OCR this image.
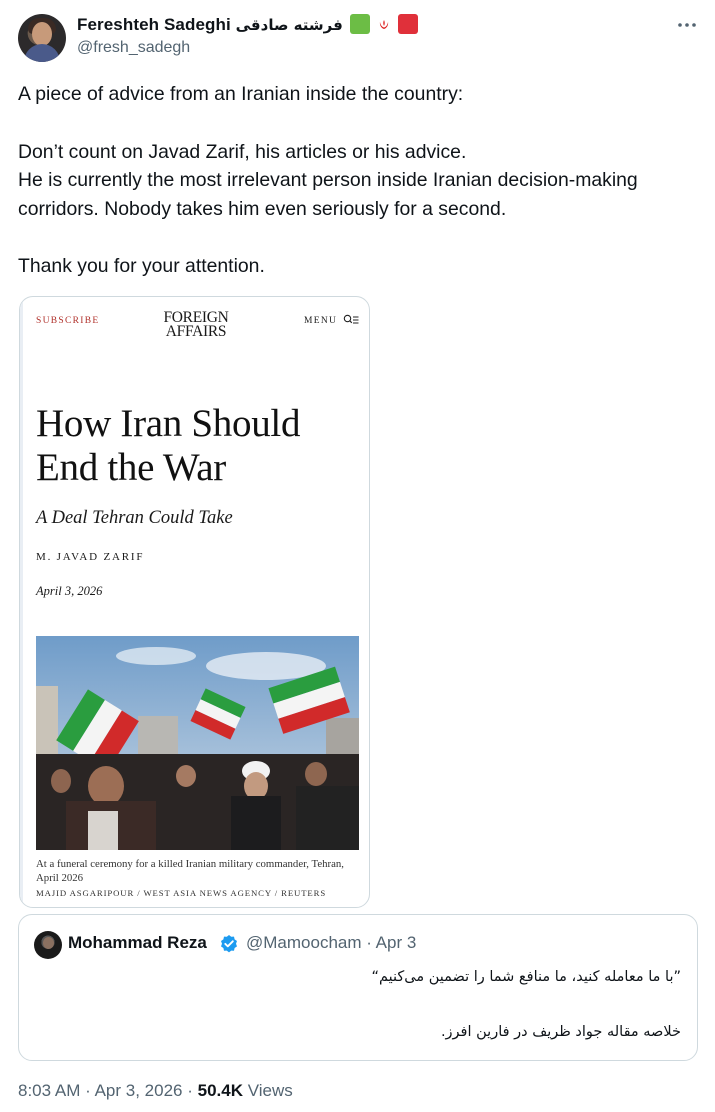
Fereshteh Sadeghi فرشته صادقی
@fresh_sadegh

A piece of advice from an Iranian inside the country:

Don’t count on Javad Zarif, his articles or his advice.

He is currently the most irrelevant person inside Iranian decision-making corridors. Nobody takes him even seriously for a second.

Thank you for your attention.

SUBSCRIBE	FOREIGN
AFFAIRS
MENU
How Iran Should End the War
A Deal Tehran Could Take
M. JAVAD ZARIF
April 3, 2026
At a funeral ceremony for a killed Iranian military commander, Tehran, April 2026
MAJID ASGARIPOUR / WEST ASIA NEWS AGENCY / REUTERS
Mohammad Reza @Mamoocham · Apr 3
”با ما معامله کنید، ما منافع شما را تضمین می‌کنیم“
خلاصه مقاله جواد ظریف در فارین افرز.
8:03 AM · Apr 3, 2026 · 50.4K Views
